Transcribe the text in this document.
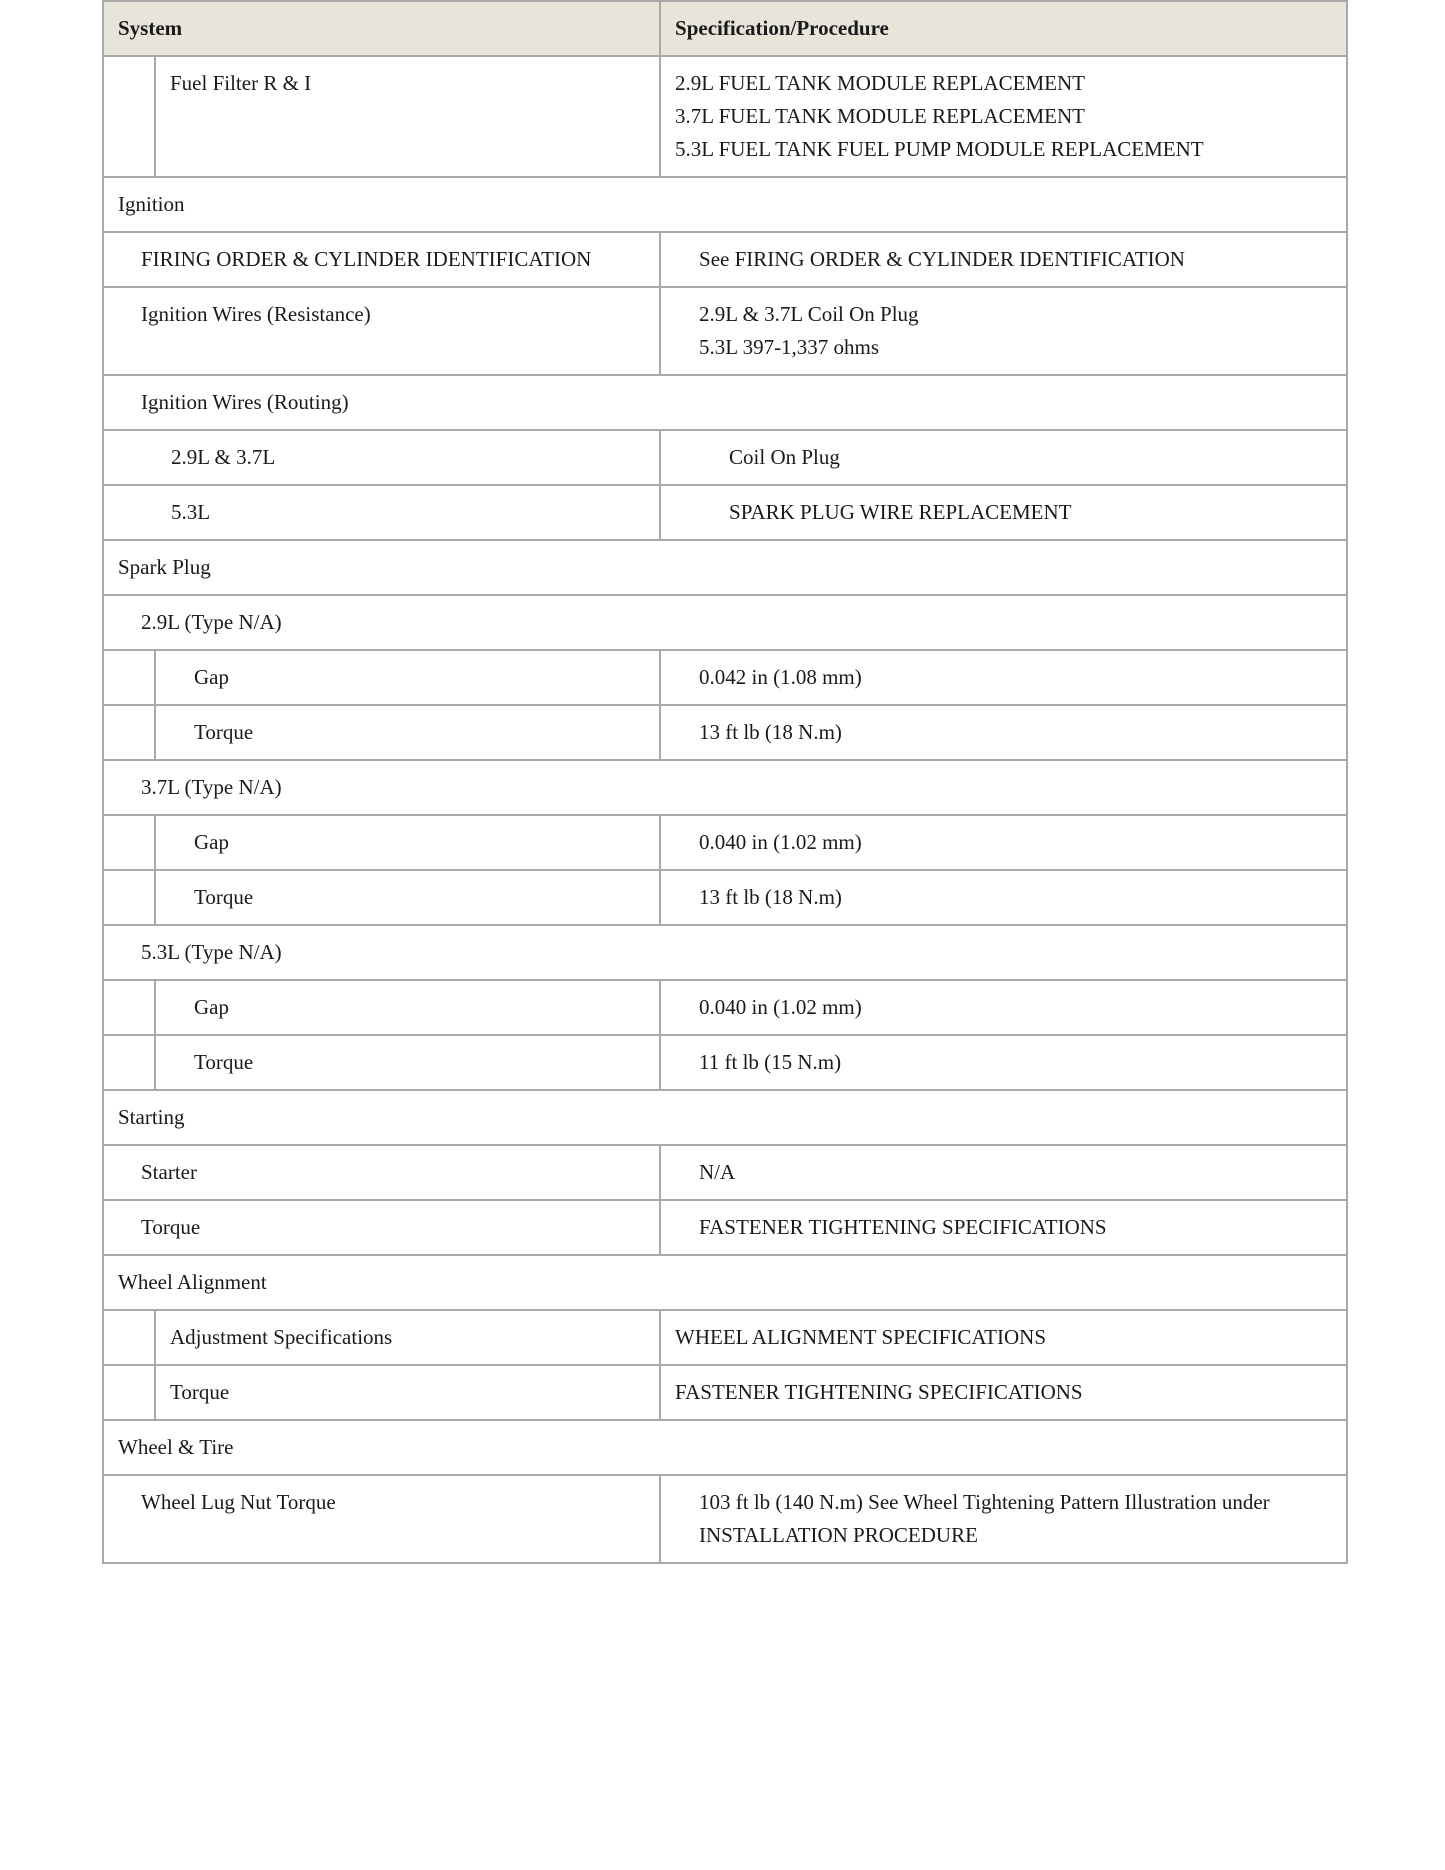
System		Specification/Procedure
	Fuel Filter R & I	2.9L FUEL TANK MODULE REPLACEMENT
3.7L FUEL TANK MODULE REPLACEMENT
5.3L FUEL TANK FUEL PUMP MODULE REPLACEMENT

Ignition		
FIRING ORDER & CYLINDER IDENTIFICATION		See FIRING ORDER & CYLINDER IDENTIFICATION
Ignition Wires (Resistance)		2.9L & 3.7L Coil On Plug
5.3L 397-1,337 ohms

Ignition Wires (Routing)		
2.9L & 3.7L		Coil On Plug
5.3L		SPARK PLUG WIRE REPLACEMENT
Spark Plug		
2.9L (Type N/A)		
	Gap	0.042 in (1.08 mm)
	Torque	13 ft lb (18 N.m)
3.7L (Type N/A)		
	Gap	0.040 in (1.02 mm)
	Torque	13 ft lb (18 N.m)
5.3L (Type N/A)		
	Gap	0.040 in (1.02 mm)
	Torque	11 ft lb (15 N.m)
Starting		
Starter		N/A
Torque		FASTENER TIGHTENING SPECIFICATIONS
Wheel Alignment		
	Adjustment Specifications	WHEEL ALIGNMENT SPECIFICATIONS
	Torque	FASTENER TIGHTENING SPECIFICATIONS
Wheel & Tire		
Wheel Lug Nut Torque		103 ft lb (140 N.m) See Wheel Tightening Pattern Illustration under
INSTALLATION PROCEDURE
